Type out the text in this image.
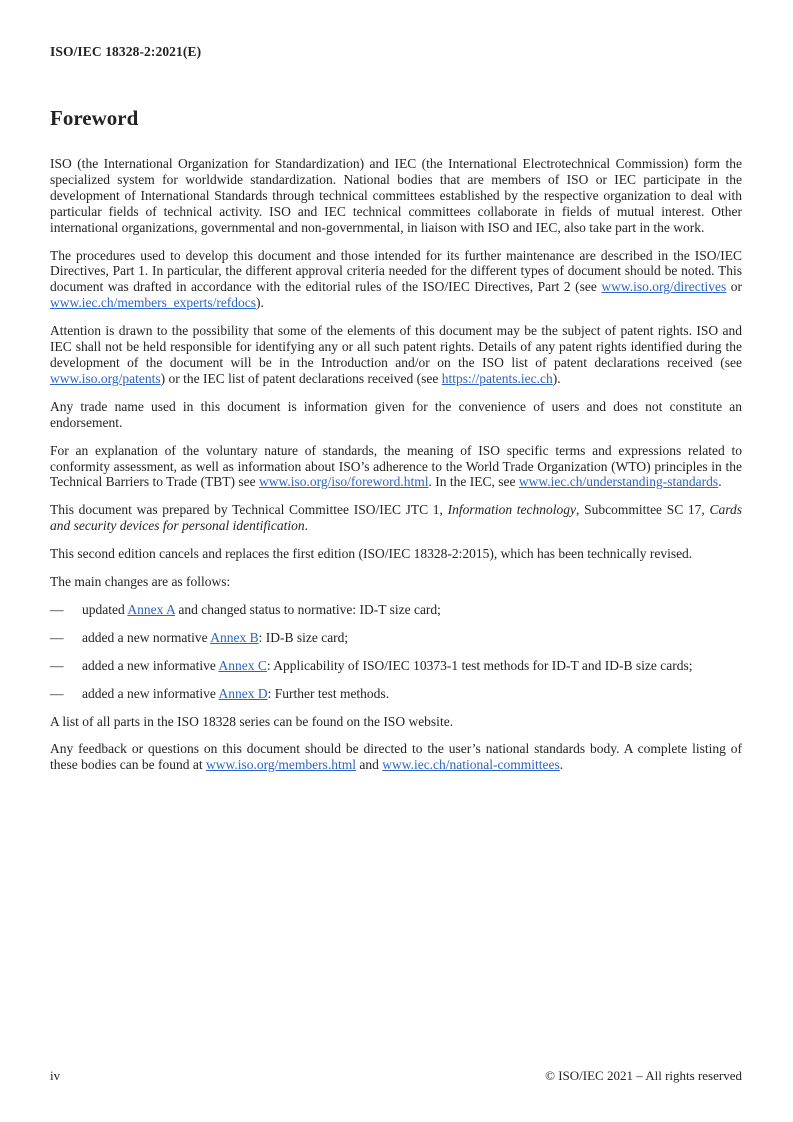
ISO/IEC 18328-2:2021(E)
Foreword

ISO (the International Organization for Standardization) and IEC (the International Electrotechnical Commission) form the specialized system for worldwide standardization. National bodies that are members of ISO or IEC participate in the development of International Standards through technical committees established by the respective organization to deal with particular fields of technical activity. ISO and IEC technical committees collaborate in fields of mutual interest. Other international organizations, governmental and non-governmental, in liaison with ISO and IEC, also take part in the work.

The procedures used to develop this document and those intended for its further maintenance are described in the ISO/IEC Directives, Part 1. In particular, the different approval criteria needed for the different types of document should be noted. This document was drafted in accordance with the editorial rules of the ISO/IEC Directives, Part 2 (see www.iso.org/directives or www.iec.ch/members_experts/refdocs).

Attention is drawn to the possibility that some of the elements of this document may be the subject of patent rights. ISO and IEC shall not be held responsible for identifying any or all such patent rights. Details of any patent rights identified during the development of the document will be in the Introduction and/or on the ISO list of patent declarations received (see www.iso.org/patents) or the IEC list of patent declarations received (see https://patents.iec.ch).

Any trade name used in this document is information given for the convenience of users and does not constitute an endorsement.

For an explanation of the voluntary nature of standards, the meaning of ISO specific terms and expressions related to conformity assessment, as well as information about ISO’s adherence to the World Trade Organization (WTO) principles in the Technical Barriers to Trade (TBT) see www.iso.org/iso/foreword.html. In the IEC, see www.iec.ch/understanding-standards.

This document was prepared by Technical Committee ISO/IEC JTC 1, Information technology, Subcommittee SC 17, Cards and security devices for personal identification.

This second edition cancels and replaces the first edition (ISO/IEC 18328-2:2015), which has been technically revised.

The main changes are as follows:

—	updated Annex A and changed status to normative: ID-T size card;
—	added a new normative Annex B: ID-B size card;
—	added a new informative Annex C: Applicability of ISO/IEC 10373-1 test methods for ID-T and ID-B size cards;
—	added a new informative Annex D: Further test methods.

A list of all parts in the ISO 18328 series can be found on the ISO website.

Any feedback or questions on this document should be directed to the user’s national standards body. A complete listing of these bodies can be found at www.iso.org/members.html and www.iec.ch/national-committees.

iv	© ISO/IEC 2021 – All rights reserved
